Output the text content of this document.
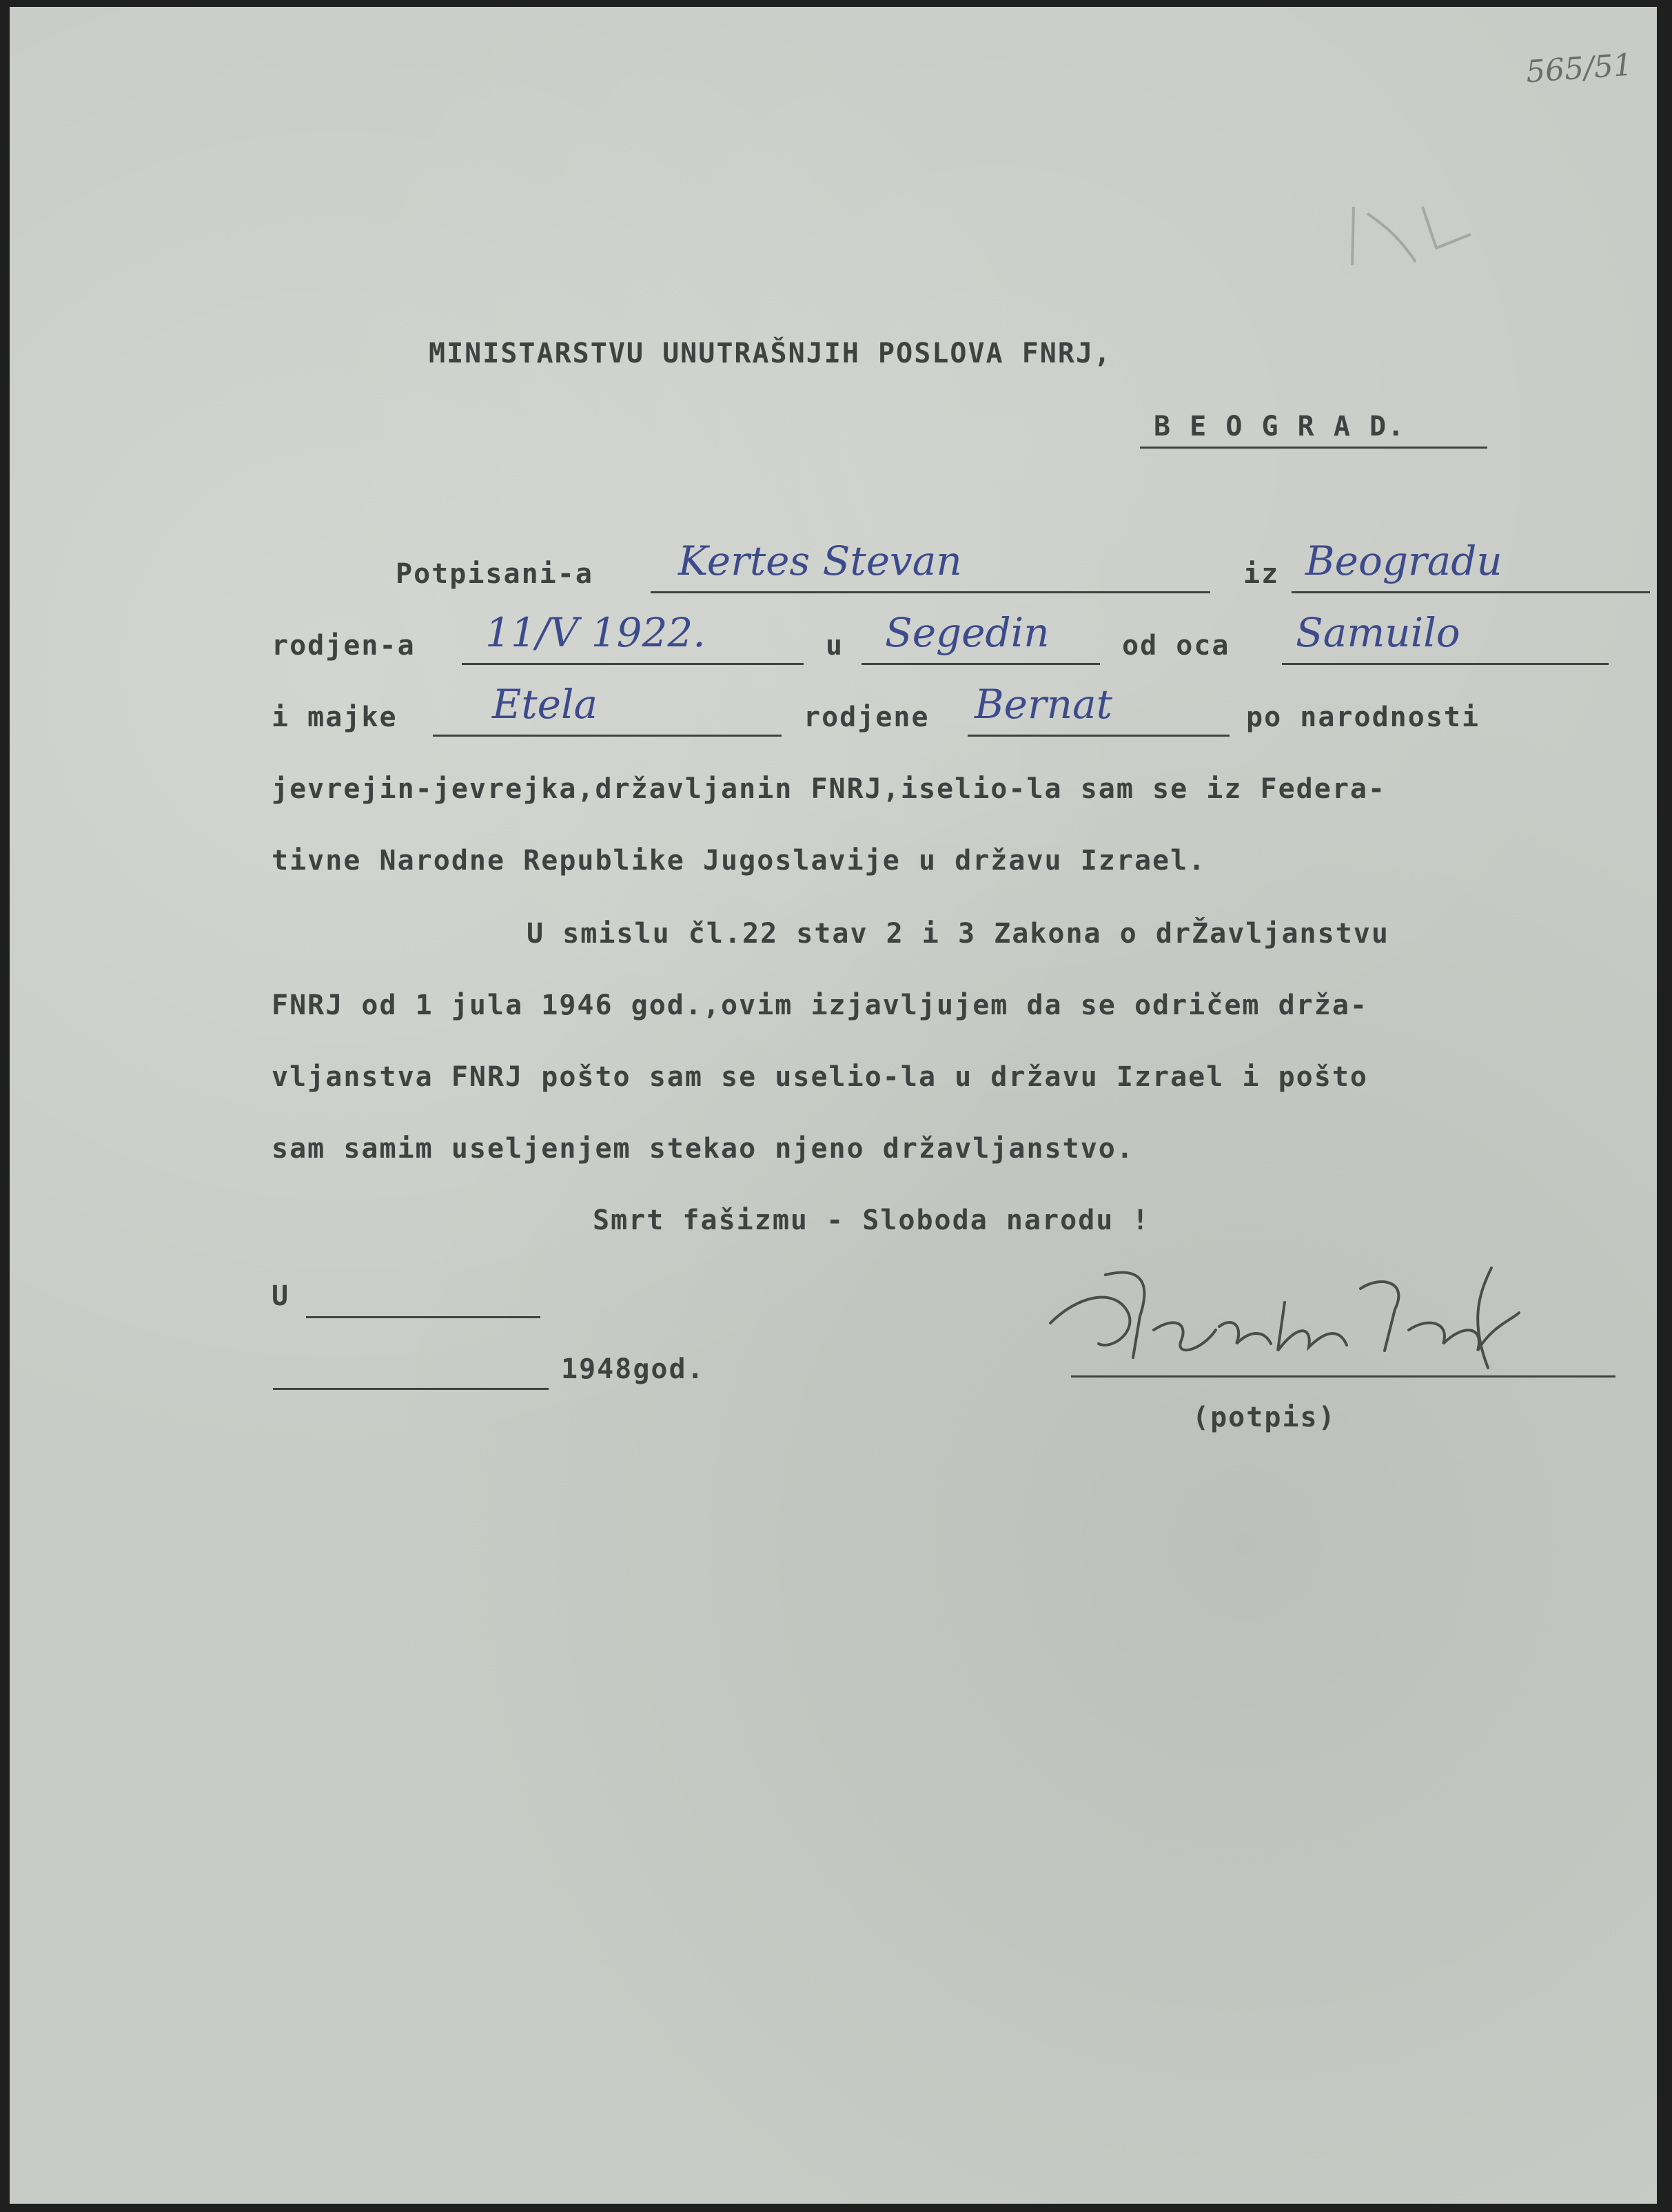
565/51
MINISTARSTVU UNUTRAŠNJIH POSLOVA FNRJ,
B E O G R A D.
Potpisani-a Kertes Stevan	iz Beogradu
rodjen-a 11/V 1922.	u Segedin	od oca Samuilo
i majke Etela	rodjene Bernat	po narodnosti
jevrejin-jevrejka,državljanin FNRJ,iselio-la sam se iz Federa-
tivne Narodne Republike Jugoslavije u državu Izrael.
U smislu čl.22 stav 2 i 3 Zakona o drŽavljanstvu
FNRJ od 1 jula 1946 god.,ovim izjavljujem da se odričem drža-
vljanstva FNRJ pošto sam se uselio-la u državu Izrael i pošto
sam samim useljenjem stekao njeno državljanstvo.
Smrt fašizmu - Sloboda narodu !
U
1948god.
(potpis)
